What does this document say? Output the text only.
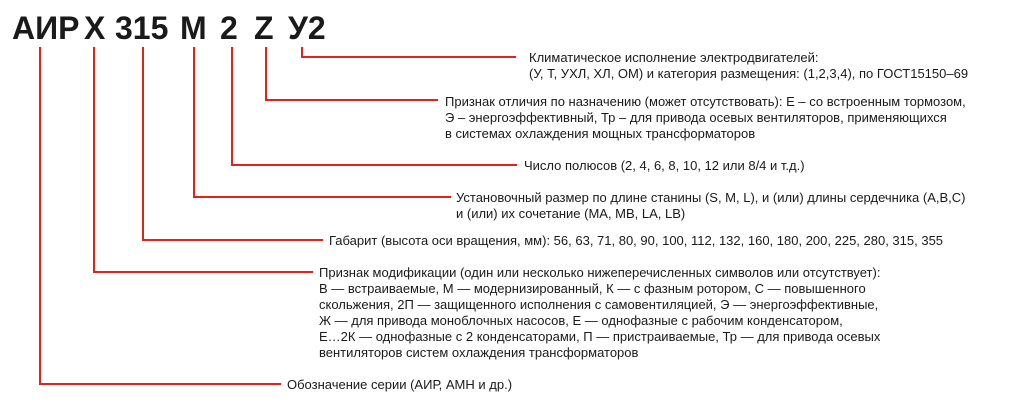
АИР X 315 M 2 Z У2
Климатическое исполнение электродвигателей:
(У, Т, УХЛ, ХЛ, ОМ) и категория размещения: (1,2,3,4), по ГОСТ15150–69
Признак отличия по назначению (может отсутствовать): Е – со встроенным тормозом,
Э – энергоэффективный, Тр – для привода осевых вентиляторов, применяющихся
в системах охлаждения мощных трансформаторов
Число полюсов (2, 4, 6, 8, 10, 12 или 8/4 и т.д.)
Установочный размер по длине станины (S, M, L), и (или) длины сердечника (A,B,C)
и (или) их сочетание (MA, MB, LA, LB)
Габарит (высота оси вращения, мм): 56, 63, 71, 80, 90, 100, 112, 132, 160, 180, 200, 225, 280, 315, 355
Признак модификации (один или несколько нижеперечисленных символов или отсутствует):
В — встраиваемые, М — модернизированный, К — с фазным ротором, С — повышенного
скольжения, 2П — защищенного исполнения с самовентиляцией, Э — энергоэффективные,
Ж — для привода моноблочных насосов, Е — однофазные с рабочим конденсатором,
Е…2К — однофазные с 2 конденсаторами, П — пристраиваемые, Тр — для привода осевых
вентиляторов систем охлаждения трансформаторов
Обозначение серии (АИР, АМН и др.)
